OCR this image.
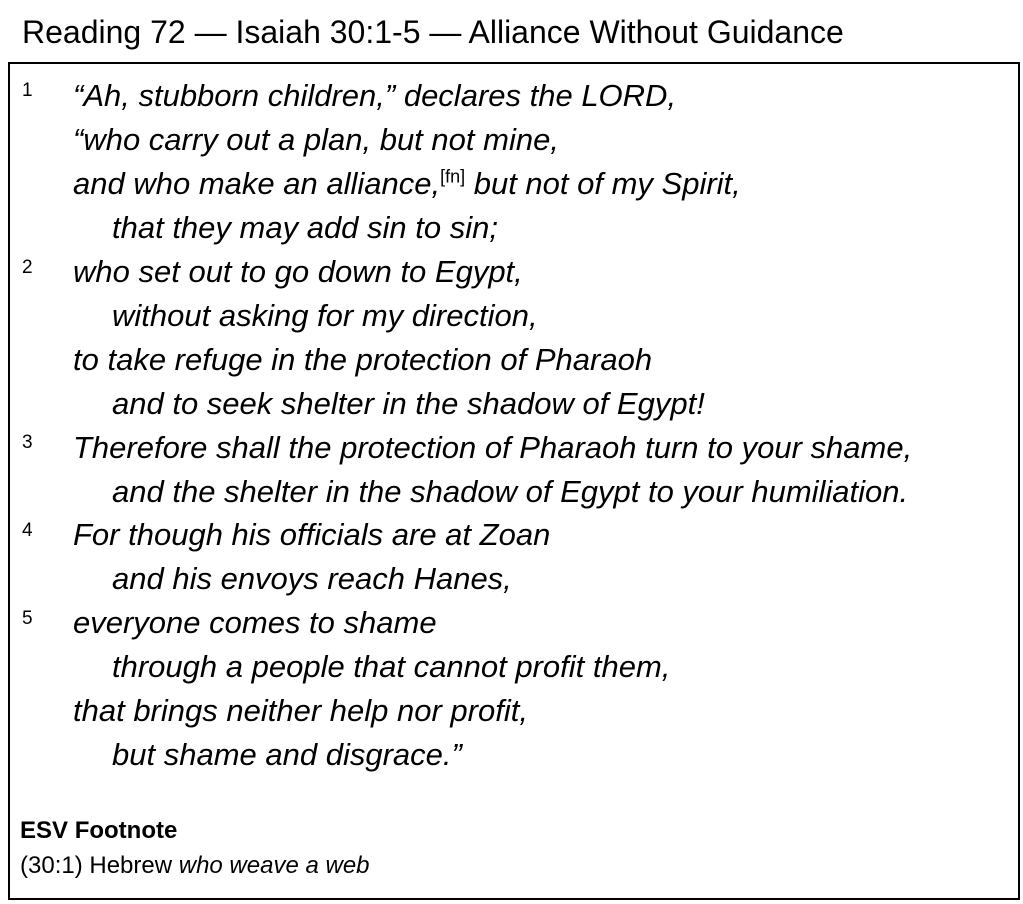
Reading 72 — Isaiah 30:1-5 — Alliance Without Guidance
1
2
3
4
5
“Ah, stubborn children,” declares the LORD,
“who carry out a plan, but not mine,
and who make an alliance,[fn] but not of my Spirit,
that they may add sin to sin;
who set out to go down to Egypt,
without asking for my direction,
to take refuge in the protection of Pharaoh
and to seek shelter in the shadow of Egypt!
Therefore shall the protection of Pharaoh turn to your shame,
and the shelter in the shadow of Egypt to your humiliation.
For though his officials are at Zoan
and his envoys reach Hanes,
everyone comes to shame
through a people that cannot profit them,
that brings neither help nor profit,
but shame and disgrace.”
ESV Footnote
(30:1) Hebrew who weave a web
